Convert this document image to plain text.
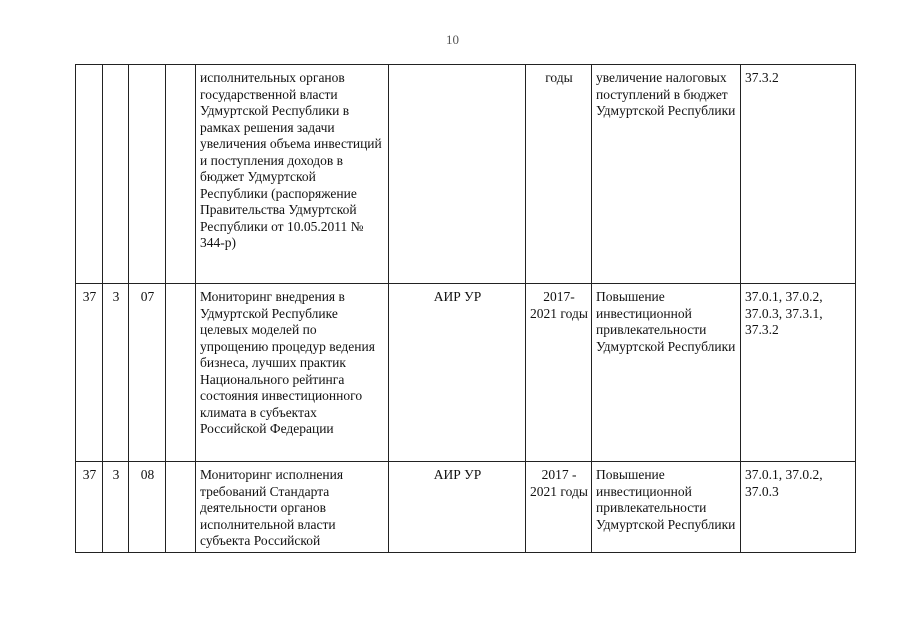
10
				исполнительных органов государственной власти Удмуртской Республики в рамках решения задачи увеличения объема инвестиций и поступления доходов в бюджет Удмуртской Республики (распоряжение Правительства Удмуртской Республики от 10.05.2011 № 344-р)		годы	увеличение налоговых поступлений в бюджет Удмуртской Республики	37.3.2
37	3	07		Мониторинг внедрения в Удмуртской Республике целевых моделей по упрощению процедур ведения бизнеса, лучших практик Национального рейтинга состояния инвестиционного климата в субъектах Российской Федерации	АИР УР	2017-2021 годы	Повышение инвестиционной привлекательности Удмуртской Республики	37.0.1, 37.0.2, 37.0.3, 37.3.1, 37.3.2
37	3	08		Мониторинг исполнения требований Стандарта деятельности органов исполнительной власти субъекта Российской	АИР УР	2017 - 2021 годы	Повышение инвестиционной привлекательности Удмуртской Республики	37.0.1, 37.0.2, 37.0.3
